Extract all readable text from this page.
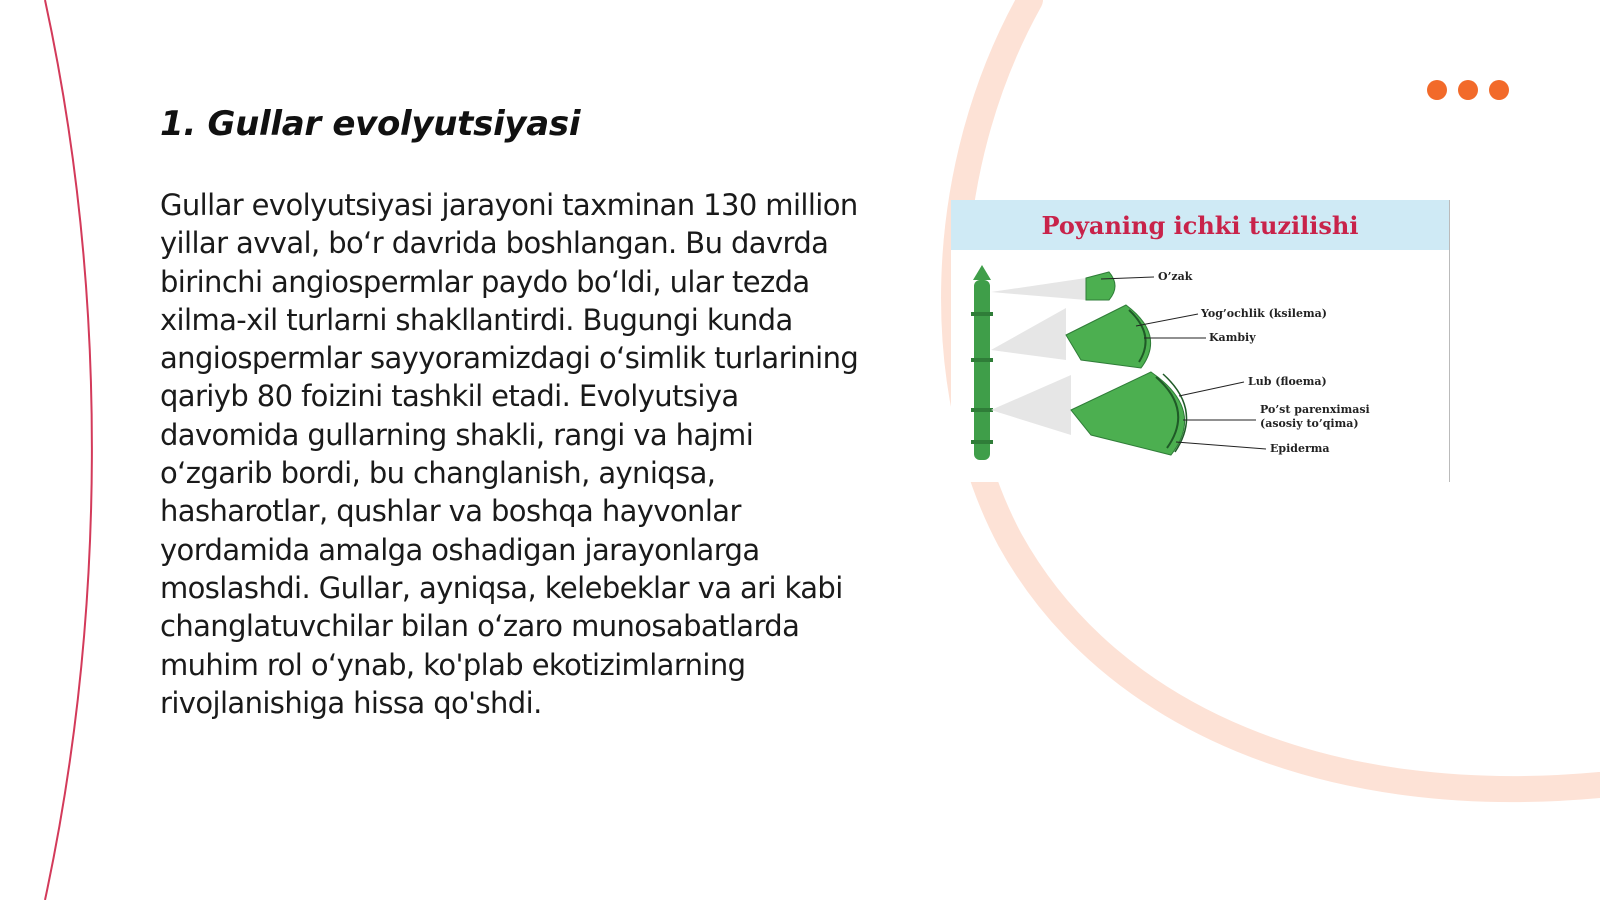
1. Gullar evolyutsiyasi

Gullar evolyutsiyasi jarayoni taxminan 130 million yillar avval, bo‘r davrida boshlangan. Bu davrda birinchi angiospermlar paydo bo‘ldi, ular tezda xilma-xil turlarni shakllantirdi. Bugungi kunda angiospermlar sayyoramizdagi o‘simlik turlarining qariyb 80 foizini tashkil etadi. Evolyutsiya davomida gullarning shakli, rangi va hajmi o‘zgarib bordi, bu changlanish, ayniqsa, hasharotlar, qushlar va boshqa hayvonlar yordamida amalga oshadigan jarayonlarga moslashdi. Gullar, ayniqsa, kelebeklar va ari kabi changlatuvchilar bilan o‘zaro munosabatlarda muhim rol o‘ynab, ko'plab ekotizimlarning rivojlanishiga hissa qo'shdi.

Poyaning ichki tuzilishi
O’zak
Yog’ochlik (ksilema)
Kambiy
Lub (floema)
Po’st parenximasi
(asosiy to’qima)
Epiderma
